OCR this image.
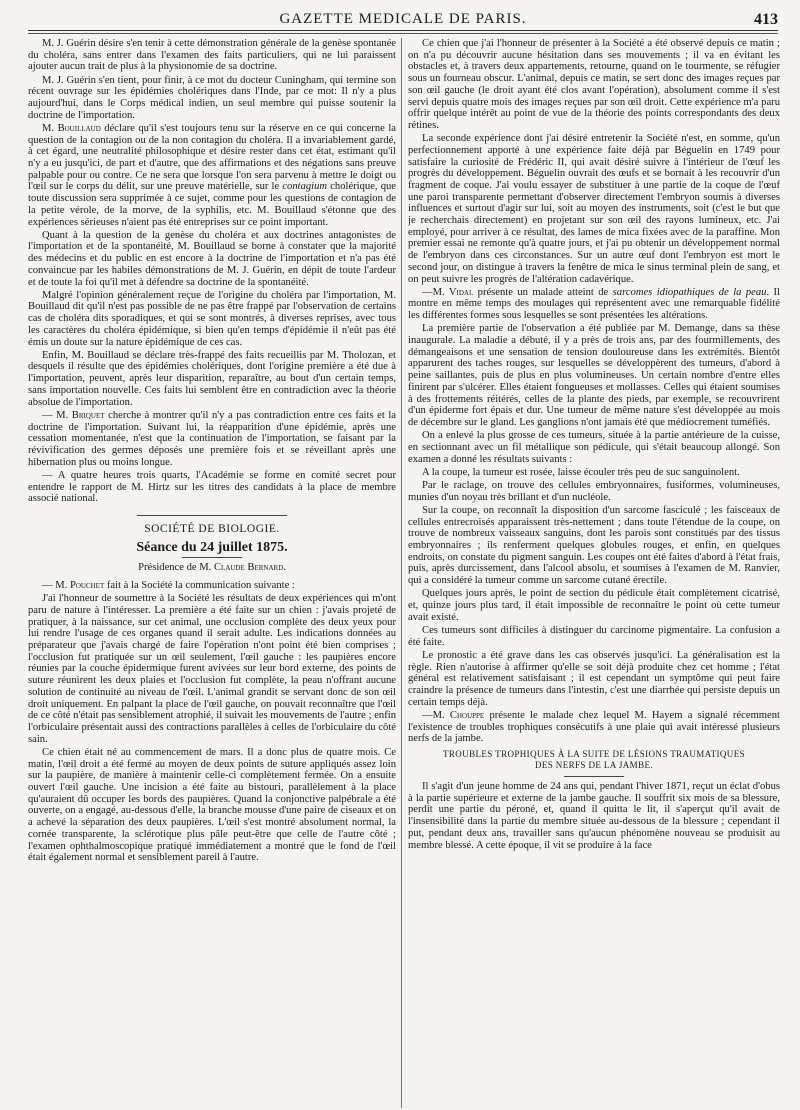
GAZETTE MEDICALE DE PARIS.	413

M. J. Guérin désire s'en tenir à cette démonstration générale de la genèse spontanée du choléra, sans entrer dans l'examen des faits particuliers, qui ne lui paraissent ajouter aucun trait de plus à la physionomie de sa doctrine.

M. J. Guérin s'en tient, pour finir, à ce mot du docteur Cuningham, qui termine son récent ouvrage sur les épidémies cholériques dans l'Inde, par ce mot: Il n'y a plus aujourd'hui, dans le Corps médical indien, un seul membre qui puisse soutenir la doctrine de l'importation.

M. Bouillaud déclare qu'il s'est toujours tenu sur la réserve en ce qui concerne la question de la contagion ou de la non contagion du choléra. Il a invariablement gardé, à cet égard, une neutralité philosophique et désire rester dans cet état, estimant qu'il n'y a eu jusqu'ici, de part et d'autre, que des affirmations et des négations sans preuve palpable pour ou contre. Ce ne sera que lorsque l'on sera parvenu à mettre le doigt ou l'œil sur le corps du délit, sur une preuve matérielle, sur le contagium cholérique, que toute discussion sera supprimée à ce sujet, comme pour les questions de contagion de la petite vérole, de la morve, de la syphilis, etc. M. Bouillaud s'étonne que des expériences sérieuses n'aient pas été entreprises sur ce point important.

Quant à la question de la genèse du choléra et aux doctrines antagonistes de l'importation et de la spontanéité, M. Bouillaud se borne à constater que la majorité des médecins et du public en est encore à la doctrine de l'importation et n'a pas été convaincue par les habiles démonstrations de M. J. Guérin, en dépit de toute l'ardeur et de toute la foi qu'il met à défendre sa doctrine de la spontanéité.

Malgré l'opinion généralement reçue de l'origine du choléra par l'importation, M. Bouillaud dit qu'il n'est pas possible de ne pas être frappé par l'observation de certains cas de choléra dits sporadiques, et qui se sont montrés, à diverses reprises, avec tous les caractères du choléra épidémique, si bien qu'en temps d'épidémie il n'eût pas été émis un doute sur la nature épidémique de ces cas.

Enfin, M. Bouillaud se déclare très-frappé des faits recueillis par M. Tholozan, et desquels il résulte que des épidémies cholériques, dont l'origine première a été due à l'importation, peuvent, après leur disparition, reparaître, au bout d'un certain temps, sans importation nouvelle. Ces faits lui semblent être en contradiction avec la théorie absolue de l'importation.

— M. Briquet cherche à montrer qu'il n'y a pas contradiction entre ces faits et la doctrine de l'importation. Suivant lui, la réapparition d'une épidémie, après une cessation momentanée, n'est que la continuation de l'importation, se faisant par la révivification des germes déposés une première fois et se réveillant après une hibernation plus ou moins longue.

— A quatre heures trois quarts, l'Académie se forme en comité secret pour entendre le rapport de M. Hirtz sur les titres des candidats à la place de membre associé national.

SOCIÉTÉ DE BIOLOGIE.
Séance du 24 juillet 1875.
Présidence de M. Claude Bernard.

— M. Pouchet fait à la Société la communication suivante :

J'ai l'honneur de soumettre à la Société les résultats de deux expériences qui m'ont paru de nature à l'intéresser. La première a été faite sur un chien : j'avais projeté de pratiquer, à la naissance, sur cet animal, une occlusion complète des deux yeux pour lui rendre l'usage de ces organes quand il serait adulte. Les indications données au préparateur que j'avais chargé de faire l'opération n'ont point été bien comprises ; l'occlusion fut pratiquée sur un œil seulement, l'œil gauche : les paupières encore réunies par la couche épidermique furent avivées sur leur bord externe, des points de suture réunirent les deux plaies et l'occlusion fut complète, la peau n'offrant aucune solution de continuité au niveau de l'œil. L'animal grandit se servant donc de son œil droit uniquement. En palpant la place de l'œil gauche, on pouvait reconnaître que l'œil de ce côté n'était pas sensiblement atrophié, il suivait les mouvements de l'autre ; enfin l'orbiculaire présentait aussi des contractions parallèles à celles de l'orbiculaire du côté sain.

Ce chien était né au commencement de mars. Il a donc plus de quatre mois. Ce matin, l'œil droit a été fermé au moyen de deux points de suture appliqués assez loin sur la paupière, de manière à maintenir celle-ci complètement fermée. On a ensuite ouvert l'œil gauche. Une incision a été faite au bistouri, parallèlement à la place qu'auraient dû occuper les bords des paupières. Quand la conjonctive palpébrale a été ouverte, on a engagé, au-dessous d'elle, la branche mousse d'une paire de ciseaux et on a achevé la séparation des deux paupières. L'œil s'est montré absolument normal, la cornée transparente, la sclérotique plus pâle peut-être que celle de l'autre côté ; l'examen ophthalmoscopique pratiqué immédiatement a montré que le fond de l'œil était également normal et sensiblement pareil à l'autre.

Ce chien que j'ai l'honneur de présenter à la Société a été observé depuis ce matin ; on n'a pu découvrir aucune hésitation dans ses mouvements ; il va en évitant les obstacles et, à travers deux appartements, retourne, quand on le tourmente, se réfugier sous un fourneau obscur. L'animal, depuis ce matin, se sert donc des images reçues par son œil gauche (le droit ayant été clos avant l'opération), absolument comme il s'est servi depuis quatre mois des images reçues par son œil droit. Cette expérience m'a paru offrir quelque intérêt au point de vue de la théorie des points correspondants des deux rétines.

La seconde expérience dont j'ai désiré entretenir la Société n'est, en somme, qu'un perfectionnement apporté à une expérience faite déjà par Béguelin en 1749 pour satisfaire la curiosité de Frédéric II, qui avait désiré suivre à l'intérieur de l'œuf les progrès du développement. Béguelin ouvrait des œufs et se bornait à les recouvrir d'un fragment de coque. J'ai voulu essayer de substituer à une partie de la coque de l'œuf une paroi transparente permettant d'observer directement l'embryon soumis à diverses influences et surtout d'agir sur lui, soit au moyen des instruments, soit (c'est le but que je recherchais directement) en projetant sur son œil des rayons lumineux, etc. J'ai employé, pour arriver à ce résultat, des lames de mica fixées avec de la paraffine. Mon premier essai ne remonte qu'à quatre jours, et j'ai pu obtenir un développement normal de l'embryon dans ces circonstances. Sur un autre œuf dont l'embryon est mort le second jour, on distingue à travers la fenêtre de mica le sinus terminal plein de sang, et on peut suivre les progrès de l'altération cadavérique.

—M. Vidal présente un malade atteint de sarcomes idiopathiques de la peau. Il montre en même temps des moulages qui représentent avec une remarquable fidélité les différentes formes sous lesquelles se sont présentées les altérations.

La première partie de l'observation a été publiée par M. Demange, dans sa thèse inaugurale. La maladie a débuté, il y a près de trois ans, par des fourmillements, des démangeaisons et une sensation de tension douloureuse dans les extrémités. Bientôt apparurent des taches rouges, sur lesquelles se développèrent des tumeurs, d'abord à peine saillantes, puis de plus en plus volumineuses. Un certain nombre d'entre elles finirent par s'ulcérer. Elles étaient fongueuses et mollasses. Celles qui étaient soumises à des frottements réitérés, celles de la plante des pieds, par exemple, se recouvrirent d'un épiderme fort épais et dur. Une tumeur de même nature s'est développée au mois de décembre sur le gland. Les ganglions n'ont jamais été que médiocrement tuméfiés.

On a enlevé la plus grosse de ces tumeurs, située à la partie antérieure de la cuisse, en sectionnant avec un fil métallique son pédicule, qui s'était beaucoup allongé. Son examen a donné les résultats suivants :

A la coupe, la tumeur est rosée, laisse écouler très peu de suc sanguinolent.

Par le raclage, on trouve des cellules embryonnaires, fusiformes, volumineuses, munies d'un noyau très brillant et d'un nucléole.

Sur la coupe, on reconnaît la disposition d'un sarcome fasciculé ; les faisceaux de cellules entrecroisés apparaissent très-nettement ; dans toute l'étendue de la coupe, on trouve de nombreux vaisseaux sanguins, dont les parois sont constitués par des tissus embryonnaires ; ils renferment quelques globules rouges, et enfin, en quelques endroits, on constate du pigment sanguin. Les coupes ont été faites d'abord à l'état frais, puis, après durcissement, dans l'alcool absolu, et soumises à l'examen de M. Ranvier, qui a considéré la tumeur comme un sarcome cutané érectile.

Quelques jours après, le point de section du pédicule était complètement cicatrisé, et, quinze jours plus tard, il était impossible de reconnaître le point où cette tumeur avait existé.

Ces tumeurs sont difficiles à distinguer du carcinome pigmentaire. La confusion a été faite.

Le pronostic a été grave dans les cas observés jusqu'ici. La généralisation est la règle. Rien n'autorise à affirmer qu'elle se soit déjà produite chez cet homme ; l'état général est relativement satisfaisant ; il est cependant un symptôme qui peut faire craindre la présence de tumeurs dans l'intestin, c'est une diarrhée qui persiste depuis un certain temps déjà.

—M. Chouppe présente le malade chez lequel M. Hayem a signalé récemment l'existence de troubles trophiques consécutifs à une plaie qui avait intéressé plusieurs nerfs de la jambe.

TROUBLES TROPHIQUES À LA SUITE DE LÉSIONS TRAUMATIQUES
DES NERFS DE LA JAMBE.

Il s'agit d'un jeune homme de 24 ans qui, pendant l'hiver 1871, reçut un éclat d'obus à la partie supérieure et externe de la jambe gauche. Il souffrit six mois de sa blessure, perdit une partie du péroné, et, quand il quitta le lit, il s'aperçut qu'il avait de l'insensibilité dans la partie du membre située au-dessous de la blessure ; cependant il put, pendant deux ans, travailler sans qu'aucun phénomène nouveau se produisit au membre blessé. A cette époque, il vit se produire à la face
